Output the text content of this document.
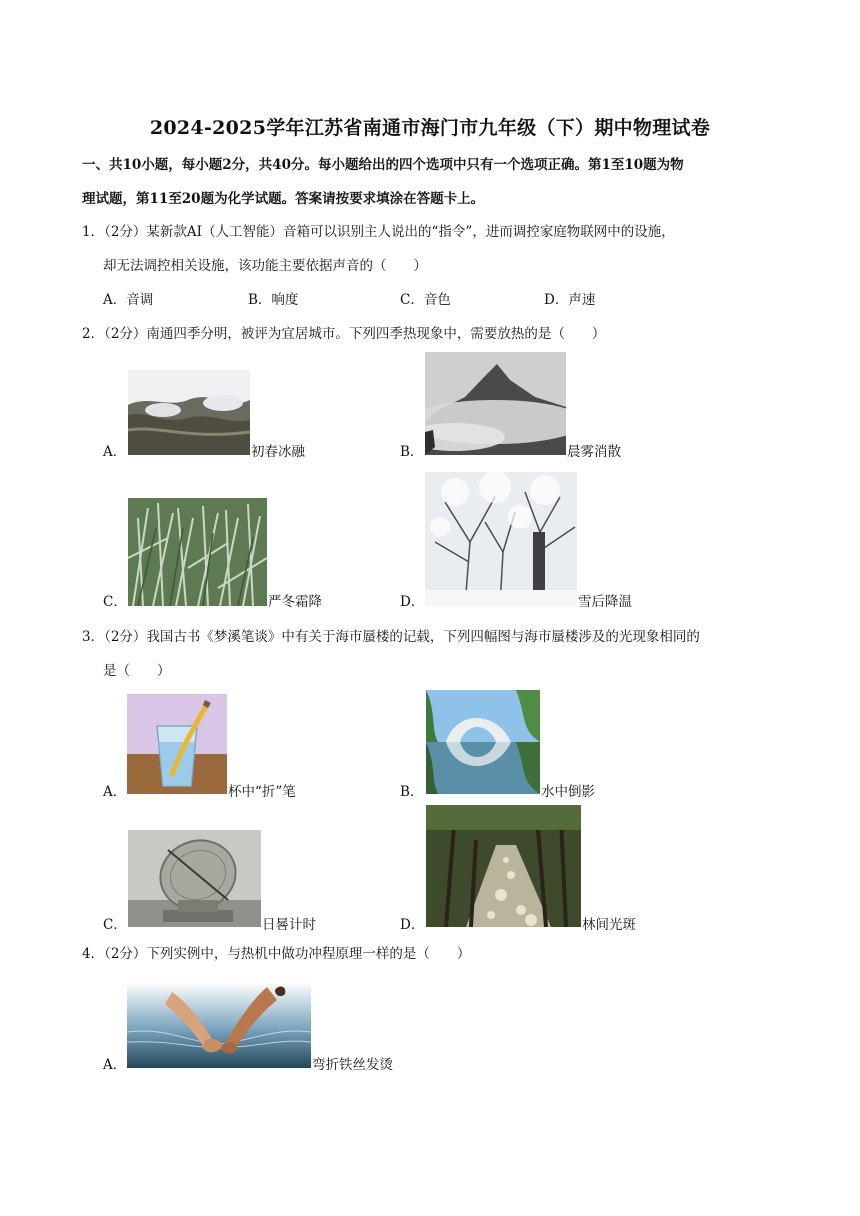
2024-2025学年江苏省南通市海门市九年级（下）期中物理试卷
一、共10小题，每小题2分，共40分。每小题给出的四个选项中只有一个选项正确。第1至10题为物
理试题，第11至20题为化学试题。答案请按要求填涂在答题卡上。
1．（2分）某新款AI（人工智能）音箱可以识别主人说出的“指令”，进而调控家庭物联网中的设施，
却无法调控相关设施，该功能主要依据声音的（　　）
A．音调	B．响度	C．音色	D．声速
2．（2分）南通四季分明，被评为宜居城市。下列四季热现象中，需要放热的是（　　）
A．	初春冰融	B．	晨雾消散
C．	严冬霜降	D．	雪后降温
3．（2分）我国古书《梦溪笔谈》中有关于海市蜃楼的记载，下列四幅图与海市蜃楼涉及的光现象相同的
是（　　）
A．	杯中“折”笔	B．	水中倒影
C．	日晷计时	D．	林间光斑
4．（2分）下列实例中，与热机中做功冲程原理一样的是（　　）
A．	弯折铁丝发烫
